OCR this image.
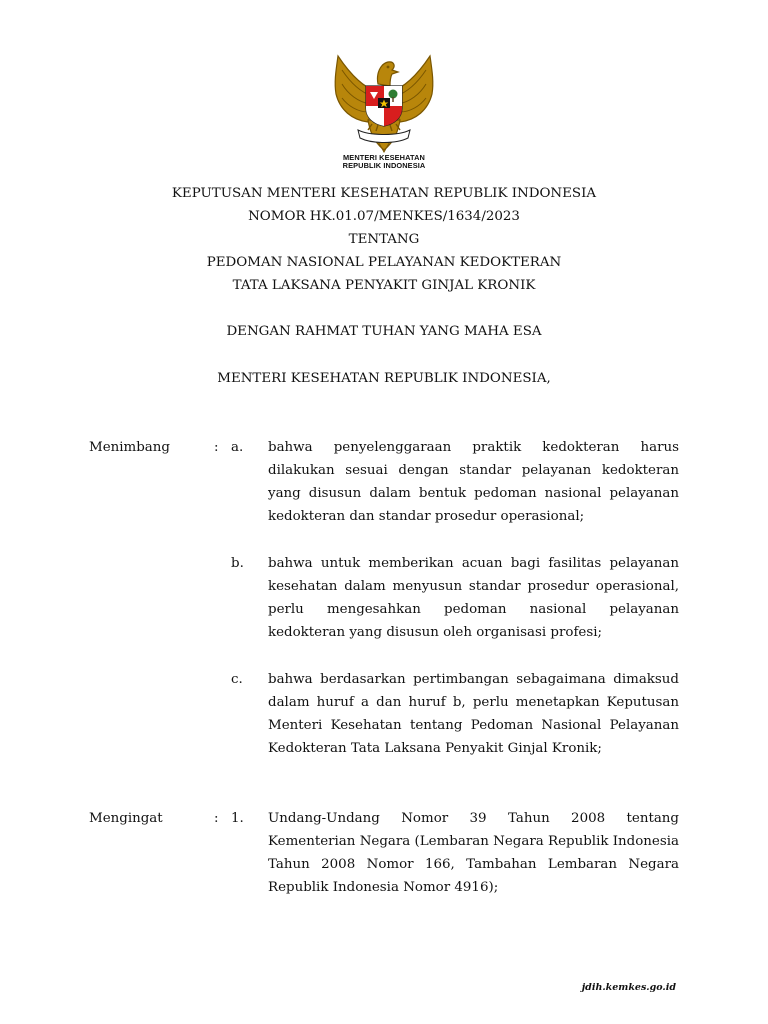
MENTERI KESEHATAN
REPUBLIK INDONESIA
KEPUTUSAN MENTERI KESEHATAN REPUBLIK INDONESIA
NOMOR HK.01.07/MENKES/1634/2023
TENTANG
PEDOMAN NASIONAL PELAYANAN KEDOKTERAN
TATA LAKSANA PENYAKIT GINJAL KRONIK
DENGAN RAHMAT TUHAN YANG MAHA ESA
MENTERI KESEHATAN REPUBLIK INDONESIA,
Menimbang	: a. bahwa penyelenggaraan praktik kedokteran harus dilakukan sesuai dengan standar pelayanan kedokteran yang disusun dalam bentuk pedoman nasional pelayanan kedokteran dan standar prosedur operasional;
b. bahwa untuk memberikan acuan bagi fasilitas pelayanan kesehatan dalam menyusun standar prosedur operasional, perlu mengesahkan pedoman nasional pelayanan kedokteran yang disusun oleh organisasi profesi;
c. bahwa berdasarkan pertimbangan sebagaimana dimaksud dalam huruf a dan huruf b, perlu menetapkan Keputusan Menteri Kesehatan tentang Pedoman Nasional Pelayanan Kedokteran Tata Laksana Penyakit Ginjal Kronik;
Mengingat	: 1. Undang-Undang Nomor 39 Tahun 2008 tentang Kementerian Negara (Lembaran Negara Republik Indonesia Tahun 2008 Nomor 166, Tambahan Lembaran Negara Republik Indonesia Nomor 4916);
jdih.kemkes.go.id
